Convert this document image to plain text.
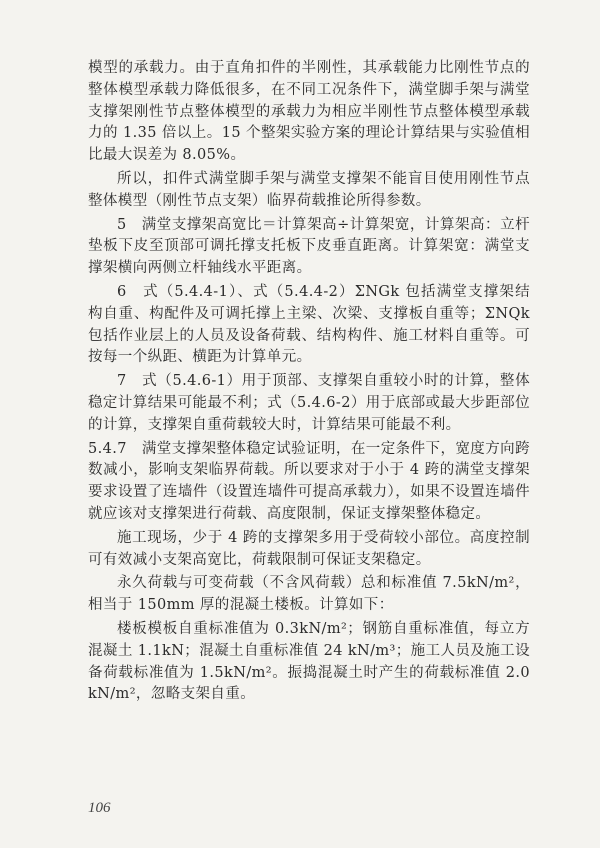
模型的承载力。由于直角扣件的半刚性，其承载能力比刚性节点的整体模型承载力降低很多，在不同工况条件下，满堂脚手架与满堂支撑架刚性节点整体模型的承载力为相应半刚性节点整体模型承载力的 1.35 倍以上。15 个整架实验方案的理论计算结果与实验值相比最大误差为 8.05%。

所以，扣件式满堂脚手架与满堂支撑架不能盲目使用刚性节点整体模型（刚性节点支架）临界荷载推论所得参数。

5　满堂支撑架高宽比＝计算架高÷计算架宽，计算架高：立杆垫板下皮至顶部可调托撑支托板下皮垂直距离。计算架宽：满堂支撑架横向两侧立杆轴线水平距离。

6　式（5.4.4-1）、式（5.4.4-2）ΣNGk 包括满堂支撑架结构自重、构配件及可调托撑上主梁、次梁、支撑板自重等；ΣNQk 包括作业层上的人员及设备荷载、结构构件、施工材料自重等。可按每一个纵距、横距为计算单元。

7　式（5.4.6-1）用于顶部、支撑架自重较小时的计算，整体稳定计算结果可能最不利；式（5.4.6-2）用于底部或最大步距部位的计算，支撑架自重荷载较大时，计算结果可能最不利。

5.4.7　满堂支撑架整体稳定试验证明，在一定条件下，宽度方向跨数减小，影响支架临界荷载。所以要求对于小于 4 跨的满堂支撑架要求设置了连墙件（设置连墙件可提高承载力），如果不设置连墙件就应该对支撑架进行荷载、高度限制，保证支撑架整体稳定。

施工现场，少于 4 跨的支撑架多用于受荷较小部位。高度控制可有效减小支架高宽比，荷载限制可保证支架稳定。

永久荷载与可变荷载（不含风荷载）总和标准值 7.5kN/m²，相当于 150mm 厚的混凝土楼板。计算如下：

楼板模板自重标准值为 0.3kN/m²；钢筋自重标准值，每立方混凝土 1.1kN；混凝土自重标准值 24 kN/m³；施工人员及施工设备荷载标准值为 1.5kN/m²。振捣混凝土时产生的荷载标准值 2.0 kN/m²，忽略支架自重。

106
